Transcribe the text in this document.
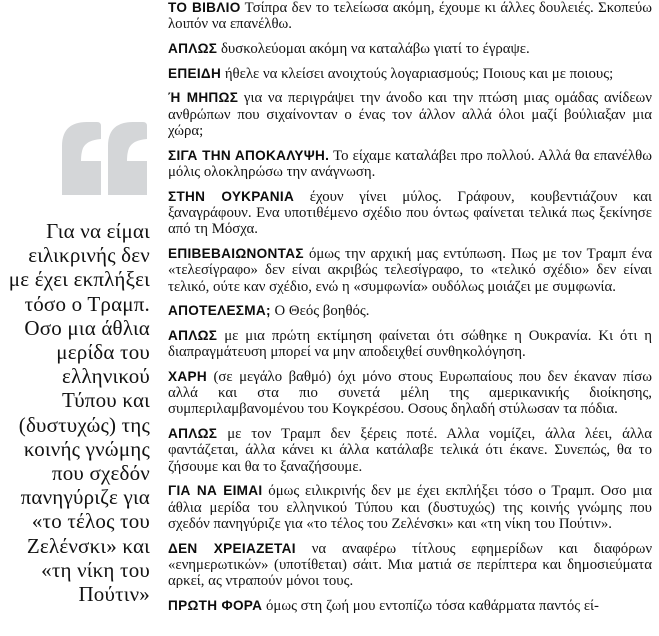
Για να είμαι ειλικρινής δεν με έχει εκπλήξει τόσο ο Τραμπ. Οσο μια άθλια μερίδα του ελληνικού Τύπου και (δυστυχώς) της κοινής γνώμης που σχεδόν πανηγύριζε για «το τέλος του Ζελένσκι» και «τη νίκη του Πούτιν»

ΤΟ ΒΙΒΛΙΟ Τσίπρα δεν το τελείωσα ακόμη, έχουμε κι άλλες δουλειές. Σκοπεύω λοιπόν να επανέλθω.

ΑΠΛΩΣ δυσκολεύομαι ακόμη να καταλάβω γιατί το έγραψε.

ΕΠΕΙΔΗ ήθελε να κλείσει ανοιχτούς λογαριασμούς; Ποιους και με ποιους;

Ή ΜΗΠΩΣ για να περιγράψει την άνοδο και την πτώση μιας ομάδας ανίδεων ανθρώπων που σιχαίνονταν ο ένας τον άλλον αλλά όλοι μαζί βούλιαξαν μια χώρα;

ΣΙΓΑ ΤΗΝ ΑΠΟΚΑΛΥΨΗ. Το είχαμε καταλάβει προ πολλού. Αλλά θα επανέλθω μόλις ολοκληρώσω την ανάγνωση.

ΣΤΗΝ ΟΥΚΡΑΝΙΑ έχουν γίνει μύλος. Γράφουν, κουβεντιάζουν και ξαναγράφουν. Ενα υποτιθέμενο σχέδιο που όντως φαίνεται τελικά πως ξεκίνησε από τη Μόσχα.

ΕΠΙΒΕΒΑΙΩΝΟΝΤΑΣ όμως την αρχική μας εντύπωση. Πως με τον Τραμπ ένα «τελεσίγραφο» δεν είναι ακριβώς τελεσίγραφο, το «τελικό σχέδιο» δεν είναι τελικό, ούτε καν σχέδιο, ενώ η «συμφωνία» ουδόλως μοιάζει με συμφωνία.

ΑΠΟΤΕΛΕΣΜΑ; Ο Θεός βοηθός.

ΑΠΛΩΣ με μια πρώτη εκτίμηση φαίνεται ότι σώθηκε η Ουκρανία. Κι ότι η διαπραγμάτευση μπορεί να μην αποδειχθεί συνθηκολόγηση.

ΧΑΡΗ (σε μεγάλο βαθμό) όχι μόνο στους Ευρωπαίους που δεν έκαναν πίσω αλλά και στα πιο συνετά μέλη της αμερικανικής διοίκησης, συμπεριλαμβανομένου του Κογκρέσου. Οσους δηλαδή στύλωσαν τα πόδια.

ΑΠΛΩΣ με τον Τραμπ δεν ξέρεις ποτέ. Αλλα νομίζει, άλλα λέει, άλλα φαντάζεται, άλλα κάνει κι άλλα κατάλαβε τελικά ότι έκανε. Συνεπώς, θα το ζήσουμε και θα το ξαναζήσουμε.

ΓΙΑ ΝΑ ΕΙΜΑΙ όμως ειλικρινής δεν με έχει εκπλήξει τόσο ο Τραμπ. Οσο μια άθλια μερίδα του ελληνικού Τύπου και (δυστυχώς) της κοινής γνώμης που σχεδόν πανηγύριζε για «το τέλος του Ζελένσκι» και «τη νίκη του Πούτιν».

ΔΕΝ ΧΡΕΙΑΖΕΤΑΙ να αναφέρω τίτλους εφημερίδων και διαφόρων «ενημερωτικών» (υποτίθεται) σάιτ. Μια ματιά σε περίπτερα και δημοσιεύματα αρκεί, ας ντραπούν μόνοι τους.

ΠΡΩΤΗ ΦΟΡΑ όμως στη ζωή μου εντοπίζω τόσα καθάρματα παντός εί-
